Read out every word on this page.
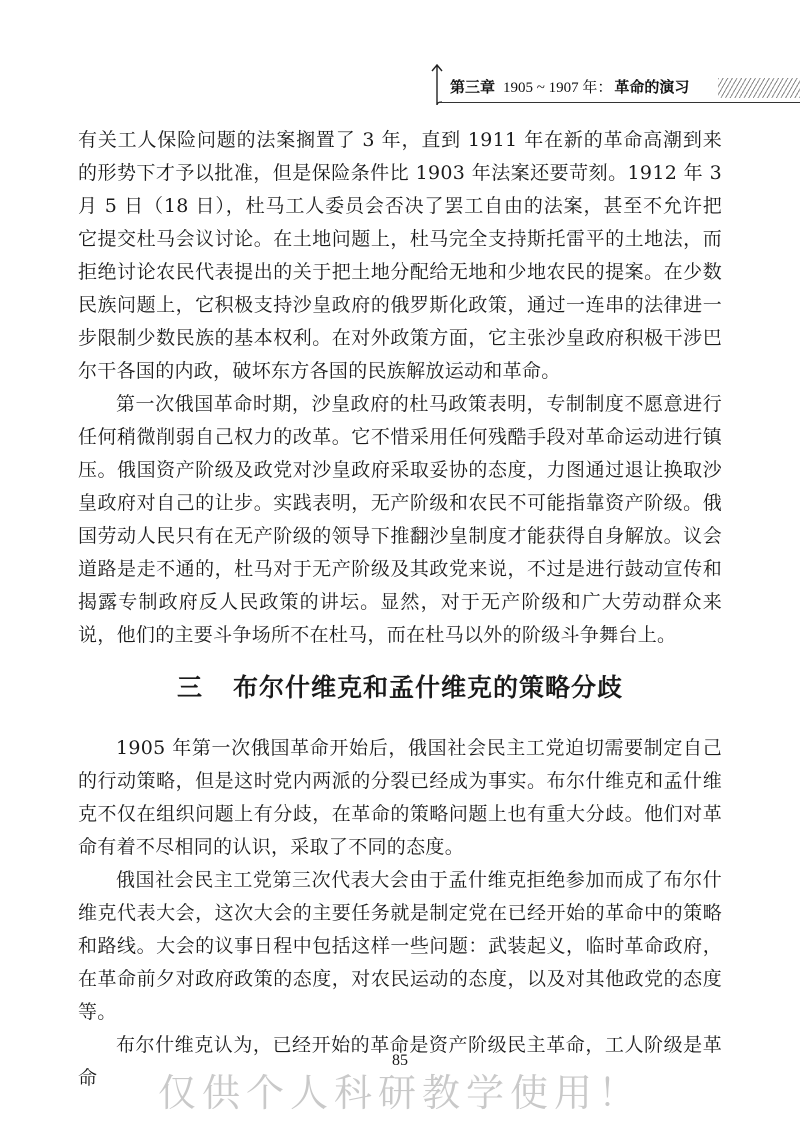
第三章 1905 ~ 1907 年： 革命的演习

有关工人保险问题的法案搁置了 3 年，直到 1911 年在新的革命高潮到来的形势下才予以批准，但是保险条件比 1903 年法案还要苛刻。1912 年 3 月 5 日（18 日），杜马工人委员会否决了罢工自由的法案，甚至不允许把它提交杜马会议讨论。在土地问题上，杜马完全支持斯托雷平的土地法，而拒绝讨论农民代表提出的关于把土地分配给无地和少地农民的提案。在少数民族问题上，它积极支持沙皇政府的俄罗斯化政策，通过一连串的法律进一步限制少数民族的基本权利。在对外政策方面，它主张沙皇政府积极干涉巴尔干各国的内政，破坏东方各国的民族解放运动和革命。

第一次俄国革命时期，沙皇政府的杜马政策表明，专制制度不愿意进行任何稍微削弱自己权力的改革。它不惜采用任何残酷手段对革命运动进行镇压。俄国资产阶级及政党对沙皇政府采取妥协的态度，力图通过退让换取沙皇政府对自己的让步。实践表明，无产阶级和农民不可能指靠资产阶级。俄国劳动人民只有在无产阶级的领导下推翻沙皇制度才能获得自身解放。议会道路是走不通的，杜马对于无产阶级及其政党来说，不过是进行鼓动宣传和揭露专制政府反人民政策的讲坛。显然，对于无产阶级和广大劳动群众来说，他们的主要斗争场所不在杜马，而在杜马以外的阶级斗争舞台上。

三 布尔什维克和孟什维克的策略分歧

1905 年第一次俄国革命开始后，俄国社会民主工党迫切需要制定自己的行动策略，但是这时党内两派的分裂已经成为事实。布尔什维克和孟什维克不仅在组织问题上有分歧，在革命的策略问题上也有重大分歧。他们对革命有着不尽相同的认识，采取了不同的态度。

俄国社会民主工党第三次代表大会由于孟什维克拒绝参加而成了布尔什维克代表大会，这次大会的主要任务就是制定党在已经开始的革命中的策略和路线。大会的议事日程中包括这样一些问题：武装起义，临时革命政府，在革命前夕对政府政策的态度，对农民运动的态度，以及对其他政党的态度等。

布尔什维克认为，已经开始的革命是资产阶级民主革命，工人阶级是革命

85
仅供个人科研教学使用！
